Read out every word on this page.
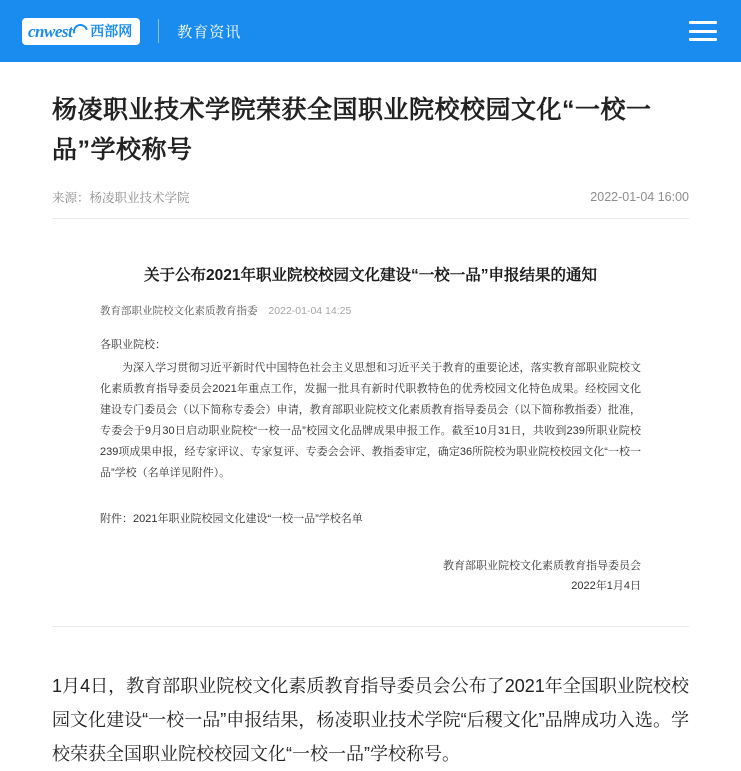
cnwest 西部网	教育资讯
杨凌职业技术学院荣获全国职业院校校园文化“一校一品”学校称号
来源：杨凌职业技术学院	2022-01-04 16:00
关于公布2021年职业院校校园文化建设“一校一品”申报结果的通知
教育部职业院校文化素质教育指委 2022-01-04 14:25
各职业院校：
为深入学习贯彻习近平新时代中国特色社会主义思想和习近平关于教育的重要论述，落实教育部职业院校文化素质教育指导委员会2021年重点工作，发掘一批具有新时代职教特色的优秀校园文化特色成果。经校园文化建设专门委员会（以下简称专委会）申请，教育部职业院校文化素质教育指导委员会（以下简称教指委）批准，专委会于9月30日启动职业院校“一校一品”校园文化品牌成果申报工作。截至10月31日，共收到239所职业院校239项成果申报，经专家评议、专家复评、专委会会评、教指委审定，确定36所院校为职业院校校园文化“一校一品”学校（名单详见附件）。
附件：2021年职业院校园文化建设“一校一品”学校名单
教育部职业院校文化素质教育指导委员会
2022年1月4日

1月4日，教育部职业院校文化素质教育指导委员会公布了2021年全国职业院校校园文化建设“一校一品”申报结果，杨凌职业技术学院“后稷文化”品牌成功入选。学校荣获全国职业院校校园文化“一校一品”学校称号。
